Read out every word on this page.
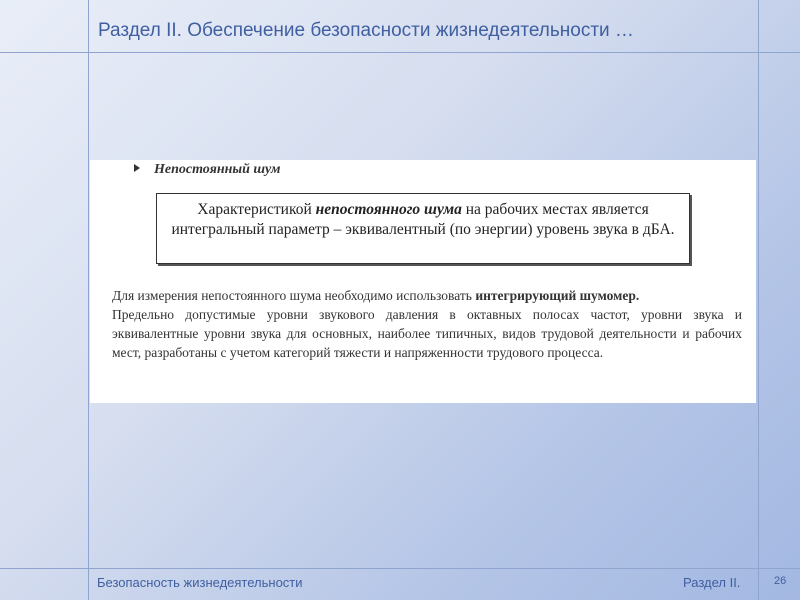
Раздел II. Обеспечение безопасности жизнедеятельности …
Непостоянный шум
Характеристикой непостоянного шума на рабочих местах является интегральный параметр – эквивалентный (по энергии) уровень звука в дБА.

Для измерения непостоянного шума необходимо использовать интегрирующий шумомер.

Предельно допустимые уровни звукового давления в октавных полосах частот, уровни звука и эквивалентные уровни звука для основных, наиболее типичных, видов трудовой деятельности и рабочих мест, разработаны с учетом категорий тяжести и напряженности трудового процесса.

Безопасность жизнедеятельности	Раздел II.	26
